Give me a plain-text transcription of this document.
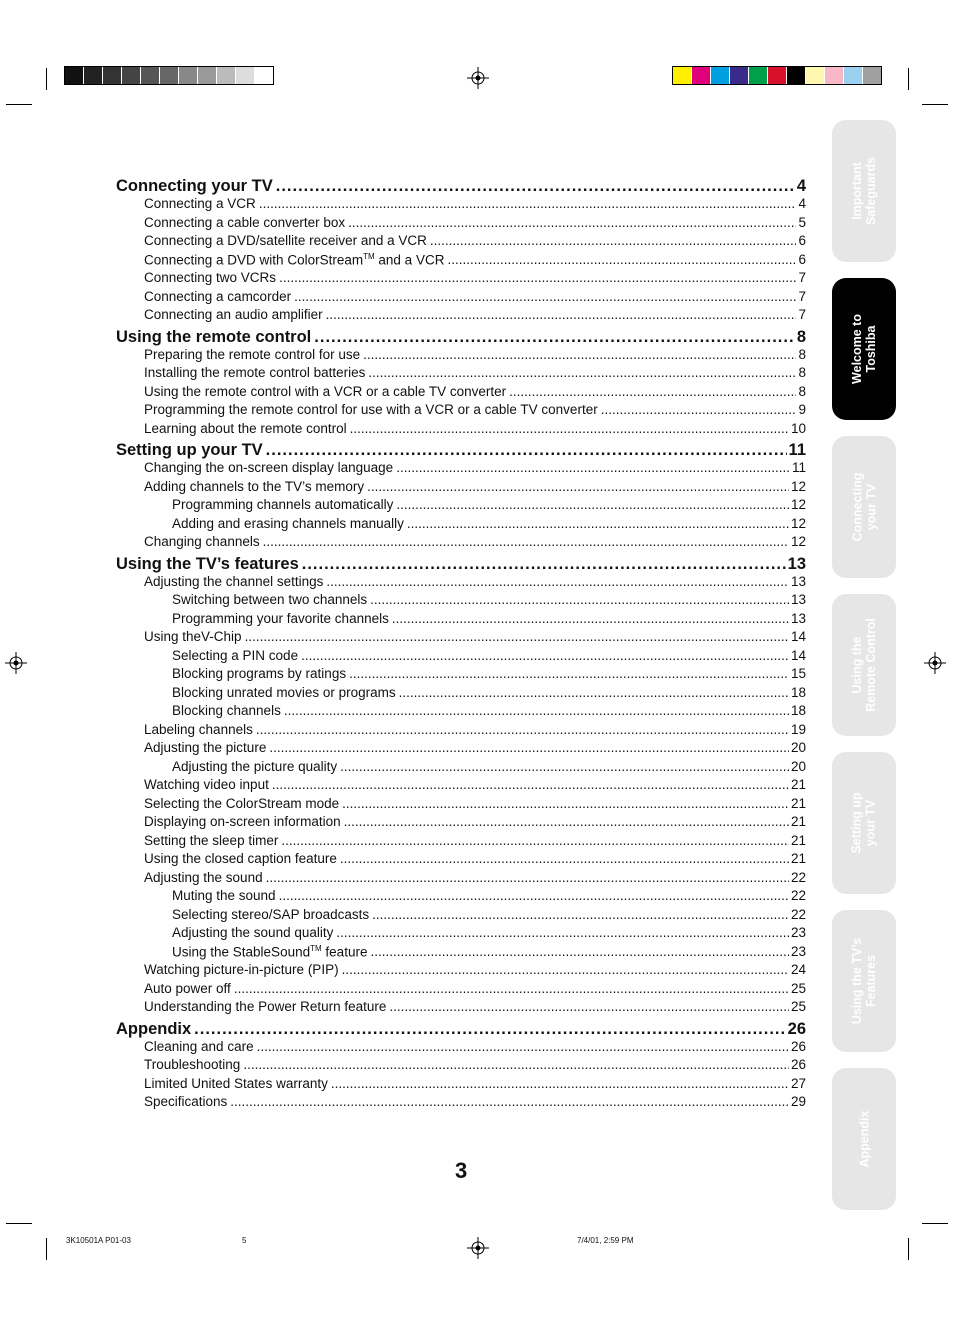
Connecting your TV .....	4
Connecting a VCR .....	4
Connecting a cable converter box .....	5
Connecting a DVD/satellite receiver and a VCR .....	6
Connecting a DVD with ColorStream™ and a VCR .....	6
Connecting two VCRs .....	7
Connecting a camcorder .....	7
Connecting an audio amplifier .....	7
Using the remote control .....	8
Preparing the remote control for use .....	8
Installing the remote control batteries .....	8
Using the remote control with a VCR or a cable TV converter .....	8
Programming the remote control for use with a VCR or a cable TV converter .....	9
Learning about the remote control .....	10
Setting up your TV .....	11
Changing the on-screen display language .....	11
Adding channels to the TV’s memory .....	12
Programming channels automatically .....	12
Adding and erasing channels manually .....	12
Changing channels .....	12
Using the TV’s features .....	13
Adjusting the channel settings .....	13
Switching between two channels .....	13
Programming your favorite channels .....	13
Using theV-Chip .....	14
Selecting a PIN code .....	14
Blocking programs by ratings .....	15
Blocking unrated movies or programs .....	18
Blocking channels .....	18
Labeling channels .....	19
Adjusting the picture .....	20
Adjusting the picture quality .....	20
Watching video input .....	21
Selecting the ColorStream mode .....	21
Displaying on-screen information .....	21
Setting the sleep timer .....	21
Using the closed caption feature .....	21
Adjusting the sound .....	22
Muting the sound .....	22
Selecting stereo/SAP broadcasts .....	22
Adjusting the sound quality .....	23
Using the StableSound™ feature .....	23
Watching picture-in-picture (PIP) .....	24
Auto power off .....	25
Understanding the Power Return feature .....	25
Appendix .....	26
Cleaning and care .....	26
Troubleshooting .....	26
Limited United States warranty .....	27
Specifications .....	29
Important
Safeguards
Welcome to
Toshiba
Connecting
your TV
Using the
Remote Control
Setting up
your TV
Using the TV’s
Features
Appendix
3
3K10501A P01-03	5	7/4/01, 2:59 PM
